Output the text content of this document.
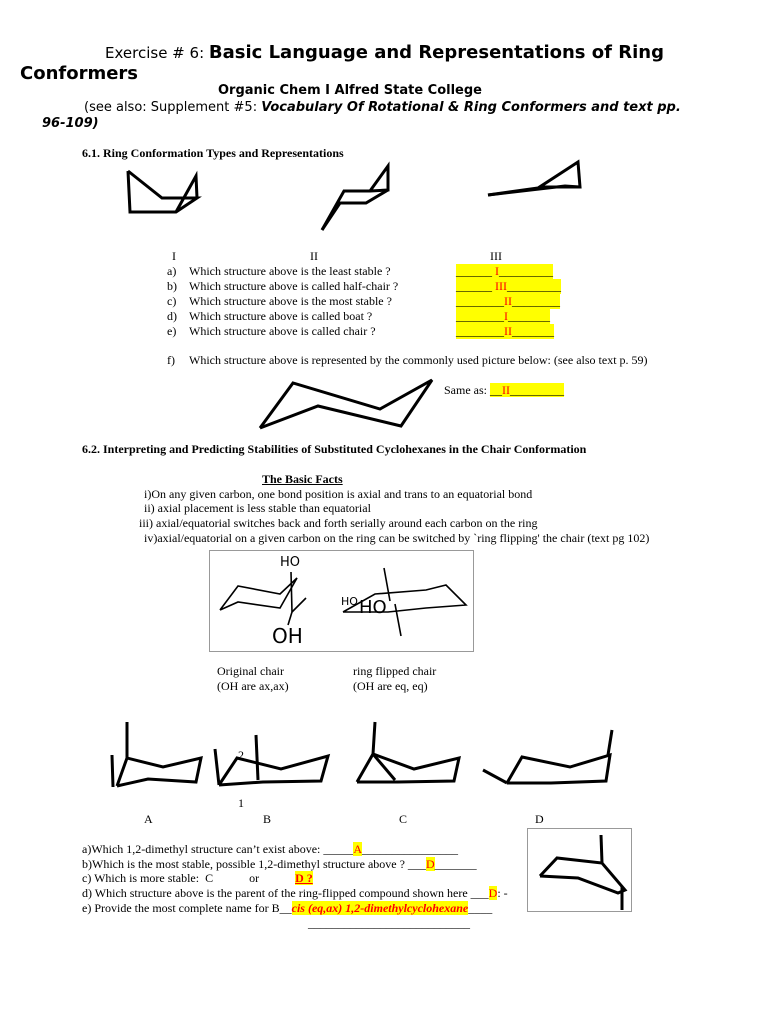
Exercise # 6: Basic Language and Representations of Ring
Conformers
Organic Chem I Alfred State College
(see also: Supplement #5: Vocabulary Of Rotational & Ring Conformers and text pp.
96-109)
6.1. Ring Conformation Types and Representations
I	II	III
a) Which structure above is the least stable ?	______ I_________
b) Which structure above is called half-chair ?	______ III_________
c) Which structure above is the most stable ?	________II________
d) Which structure above is called boat ?	________I_______
e) Which structure above is called chair ?	________II_______
f) Which structure above is represented by the commonly used picture below: (see also text p. 59)
Same as: __II_________
6.2. Interpreting and Predicting Stabilities of Substituted Cyclohexanes in the Chair Conformation
The Basic Facts
i)On any given carbon, one bond position is axial and trans to an equatorial bond
ii) axial placement is less stable than equatorial
iii) axial/equatorial switches back and forth serially around each carbon on the ring
iv)axial/equatorial on a given carbon on the ring can be switched by `ring flipping' the chair (text pg 102)
HO
OH
HO HO
Original chair
(OH are ax,ax)
ring flipped chair
(OH are eq, eq)
2
1
A	B	C	D
a)Which 1,2-dimethyl structure can’t exist above: _____A________________
b)Which is the most stable, possible 1,2-dimethyl structure above ? ___D_______
c) Which is more stable:  C            or            D ?
d) Which structure above is the parent of the ring-flipped compound shown here ___D: -
e) Provide the most complete name for B__cis (eq,ax) 1,2-dimethylcyclohexane____
___________________________
